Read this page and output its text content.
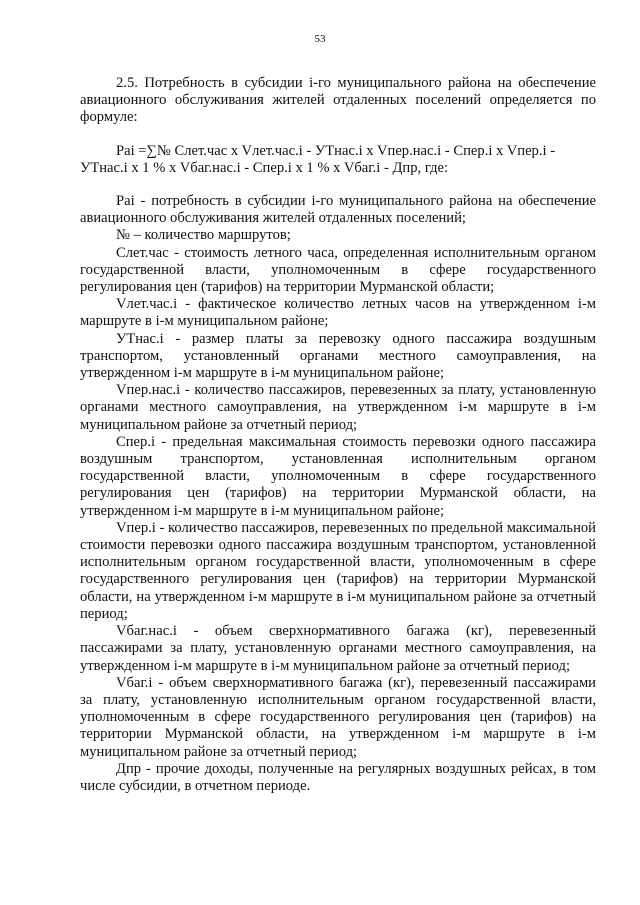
53

2.5. Потребность в субсидии i-го муниципального района на обеспечение авиационного обслуживания жителей отдаленных поселений определяется по формуле:

Pai =∑№ Слет.час x Vлет.час.i - УТнас.i x Vпер.нас.i - Спер.i x Vпер.i - УТнас.i x 1 % x Vбаг.нас.i - Спер.i x 1 % x Vбаг.i - Дпр, где:

Pai - потребность в субсидии i-го муниципального района на обеспечение авиационного обслуживания жителей отдаленных поселений;

№ – количество маршрутов;

Слет.час - стоимость летного часа, определенная исполнительным органом государственной власти, уполномоченным в сфере государственного регулирования цен (тарифов) на территории Мурманской области;

Vлет.час.i - фактическое количество летных часов на утвержденном i-м маршруте в i-м муниципальном районе;

УТнас.i - размер платы за перевозку одного пассажира воздушным транспортом, установленный органами местного самоуправления, на утвержденном i-м маршруте в i-м муниципальном районе;

Vпер.нас.i - количество пассажиров, перевезенных за плату, установленную органами местного самоуправления, на утвержденном i-м маршруте в i-м муниципальном районе за отчетный период;

Спер.i - предельная максимальная стоимость перевозки одного пассажира воздушным транспортом, установленная исполнительным органом государственной власти, уполномоченным в сфере государственного регулирования цен (тарифов) на территории Мурманской области, на утвержденном i-м маршруте в i-м муниципальном районе;

Vпер.i - количество пассажиров, перевезенных по предельной максимальной стоимости перевозки одного пассажира воздушным транспортом, установленной исполнительным органом государственной власти, уполномоченным в сфере государственного регулирования цен (тарифов) на территории Мурманской области, на утвержденном i-м маршруте в i-м муниципальном районе за отчетный период;

Vбаг.нас.i - объем сверхнормативного багажа (кг), перевезенный пассажирами за плату, установленную органами местного самоуправления, на утвержденном i-м маршруте в i-м муниципальном районе за отчетный период;

Vбаг.i - объем сверхнормативного багажа (кг), перевезенный пассажирами за плату, установленную исполнительным органом государственной власти, уполномоченным в сфере государственного регулирования цен (тарифов) на территории Мурманской области, на утвержденном i-м маршруте в i-м муниципальном районе за отчетный период;

Дпр - прочие доходы, полученные на регулярных воздушных рейсах, в том числе субсидии, в отчетном периоде.
